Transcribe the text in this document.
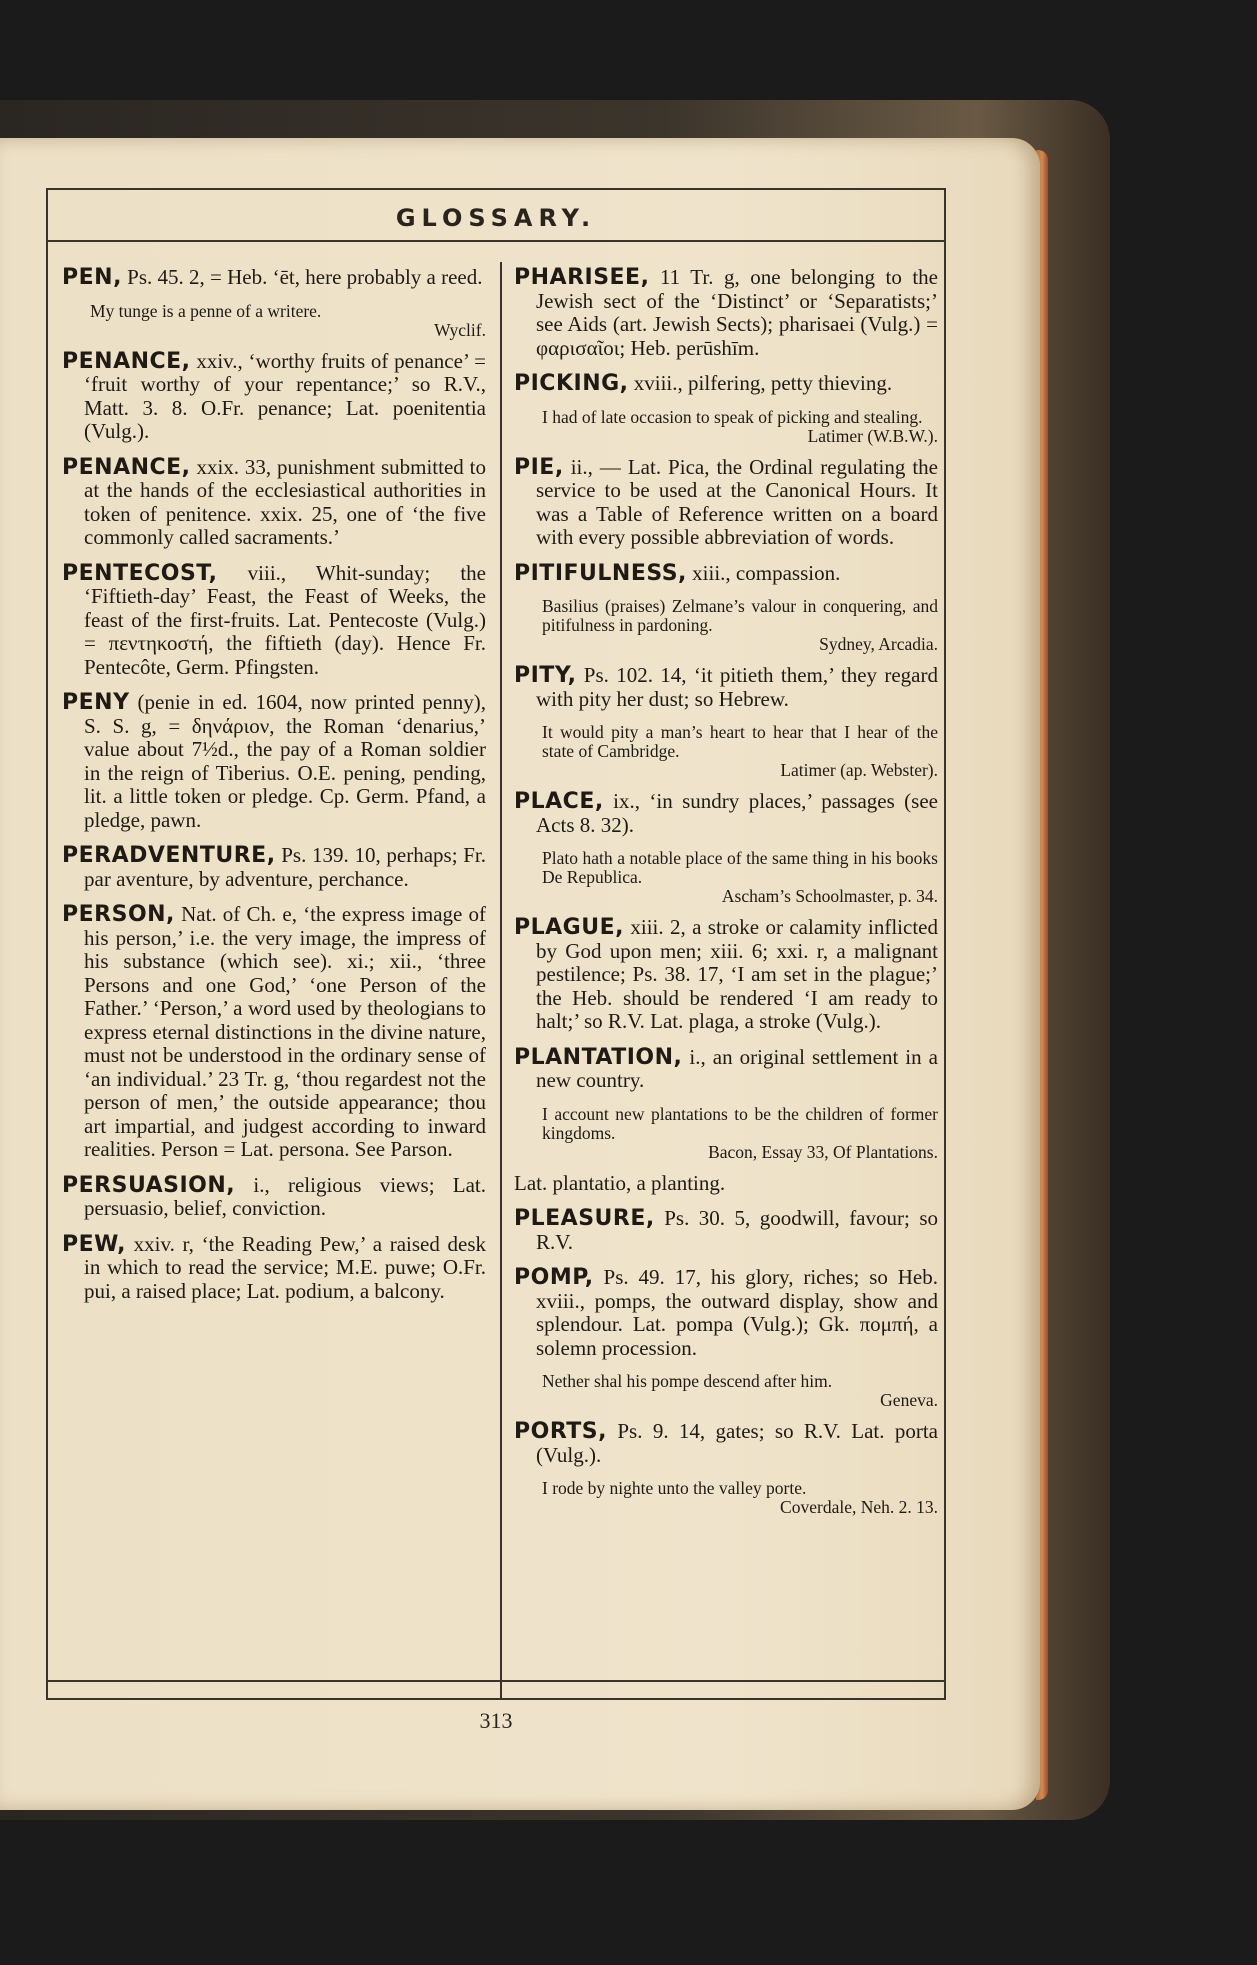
GLOSSARY.
PEN, Ps. 45. 2, = Heb. ‘ēt, here probably a reed.
My tunge is a penne of a writere.
Wyclif.
PENANCE, xxiv., ‘worthy fruits of penance’ = ‘fruit worthy of your repentance;’ so R.V., Matt. 3. 8. O.Fr. penance; Lat. poenitentia (Vulg.).
PENANCE, xxix. 33, punishment submitted to at the hands of the ecclesiastical authorities in token of penitence. xxix. 25, one of ‘the five commonly called sacraments.’
PENTECOST, viii., Whit-sunday; the ‘Fiftieth-day’ Feast, the Feast of Weeks, the feast of the first-fruits. Lat. Pentecoste (Vulg.) = πεντηκοστή, the fiftieth (day). Hence Fr. Pentecôte, Germ. Pfingsten.
PENY (penie in ed. 1604, now printed penny), S. S. g, = δηνάριον, the Roman ‘denarius,’ value about 7½d., the pay of a Roman soldier in the reign of Tiberius. O.E. pening, pending, lit. a little token or pledge. Cp. Germ. Pfand, a pledge, pawn.
PERADVENTURE, Ps. 139. 10, perhaps; Fr. par aventure, by adventure, perchance.
PERSON, Nat. of Ch. e, ‘the express image of his person,’ i.e. the very image, the impress of his substance (which see). xi.; xii., ‘three Persons and one God,’ ‘one Person of the Father.’ ‘Person,’ a word used by theologians to express eternal distinctions in the divine nature, must not be understood in the ordinary sense of ‘an individual.’ 23 Tr. g, ‘thou regardest not the person of men,’ the outside appearance; thou art impartial, and judgest according to inward realities. Person = Lat. persona. See Parson.
PERSUASION, i., religious views; Lat. persuasio, belief, conviction.
PEW, xxiv. r, ‘the Reading Pew,’ a raised desk in which to read the service; M.E. puwe; O.Fr. pui, a raised place; Lat. podium, a balcony.
PHARISEE, 11 Tr. g, one belonging to the Jewish sect of the ‘Distinct’ or ‘Separatists;’ see Aids (art. Jewish Sects); pharisaei (Vulg.) = φαρισαῖοι; Heb. perūshīm.
PICKING, xviii., pilfering, petty thieving.
I had of late occasion to speak of picking and stealing.
Latimer (W.B.W.).
PIE, ii., — Lat. Pica, the Ordinal regulating the service to be used at the Canonical Hours. It was a Table of Reference written on a board with every possible abbreviation of words.
PITIFULNESS, xiii., compassion.
Basilius (praises) Zelmane’s valour in conquering, and pitifulness in pardoning.
Sydney, Arcadia.
PITY, Ps. 102. 14, ‘it pitieth them,’ they regard with pity her dust; so Hebrew.
It would pity a man’s heart to hear that I hear of the state of Cambridge.
Latimer (ap. Webster).
PLACE, ix., ‘in sundry places,’ passages (see Acts 8. 32).
Plato hath a notable place of the same thing in his books De Republica.
Ascham’s Schoolmaster, p. 34.
PLAGUE, xiii. 2, a stroke or calamity inflicted by God upon men; xiii. 6; xxi. r, a malignant pestilence; Ps. 38. 17, ‘I am set in the plague;’ the Heb. should be rendered ‘I am ready to halt;’ so R.V. Lat. plaga, a stroke (Vulg.).
PLANTATION, i., an original settlement in a new country.
I account new plantations to be the children of former kingdoms.
Bacon, Essay 33, Of Plantations.
Lat. plantatio, a planting.
PLEASURE, Ps. 30. 5, goodwill, favour; so R.V.
POMP, Ps. 49. 17, his glory, riches; so Heb. xviii., pomps, the outward display, show and splendour. Lat. pompa (Vulg.); Gk. πομπή, a solemn procession.
Nether shal his pompe descend after him.
Geneva.
PORTS, Ps. 9. 14, gates; so R.V. Lat. porta (Vulg.).
I rode by nighte unto the valley porte.
Coverdale, Neh. 2. 13.
313
